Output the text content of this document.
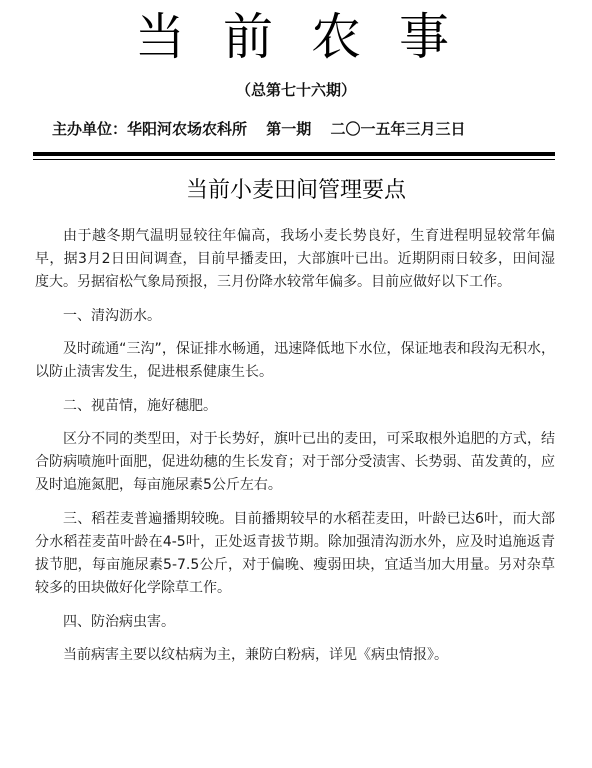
当前农事
（总第七十六期）
主办单位：华阳河农场农科所 第一期 二〇一五年三月三日
当前小麦田间管理要点

由于越冬期气温明显较往年偏高，我场小麦长势良好，生育进程明显较常年偏早，据3月2日田间调查，目前早播麦田，大部旗叶已出。近期阴雨日较多，田间湿度大。另据宿松气象局预报，三月份降水较常年偏多。目前应做好以下工作。

一、清沟沥水。

及时疏通“三沟”，保证排水畅通，迅速降低地下水位，保证地表和段沟无积水，以防止渍害发生，促进根系健康生长。

二、视苗情，施好穗肥。

区分不同的类型田，对于长势好，旗叶已出的麦田，可采取根外追肥的方式，结合防病喷施叶面肥，促进幼穗的生长发育；对于部分受渍害、长势弱、苗发黄的，应及时追施氮肥，每亩施尿素5公斤左右。

三、稻茬麦普遍播期较晚。目前播期较早的水稻茬麦田，叶龄已达6叶，而大部分水稻茬麦苗叶龄在4-5叶，正处返青拔节期。除加强清沟沥水外，应及时追施返青拔节肥，每亩施尿素5-7.5公斤，对于偏晚、瘦弱田块，宜适当加大用量。另对杂草较多的田块做好化学除草工作。

四、防治病虫害。

当前病害主要以纹枯病为主，兼防白粉病，详见《病虫情报》。
